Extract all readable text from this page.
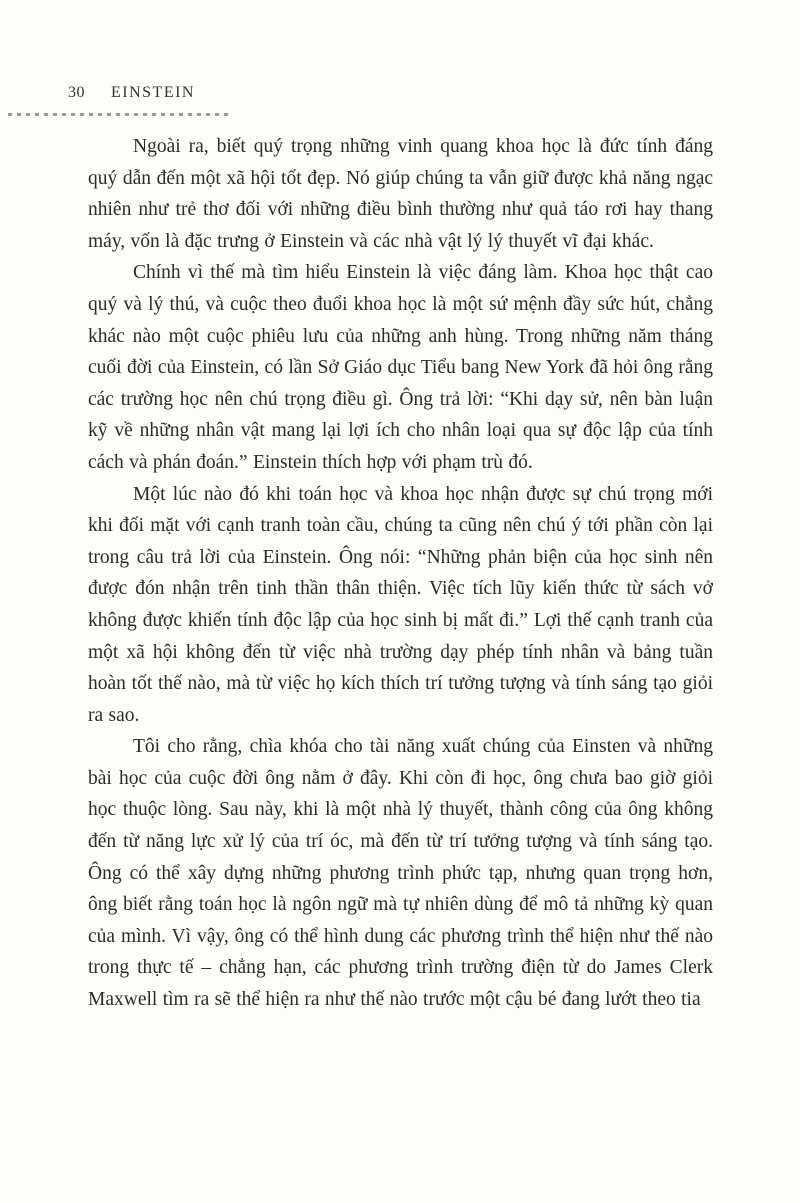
30 EINSTEIN

Ngoài ra, biết quý trọng những vinh quang khoa học là đức tính đáng quý dẫn đến một xã hội tốt đẹp. Nó giúp chúng ta vẫn giữ được khả năng ngạc nhiên như trẻ thơ đối với những điều bình thường như quả táo rơi hay thang máy, vốn là đặc trưng ở Einstein và các nhà vật lý lý thuyết vĩ đại khác.

Chính vì thế mà tìm hiểu Einstein là việc đáng làm. Khoa học thật cao quý và lý thú, và cuộc theo đuổi khoa học là một sứ mệnh đầy sức hút, chẳng khác nào một cuộc phiêu lưu của những anh hùng. Trong những năm tháng cuối đời của Einstein, có lần Sở Giáo dục Tiểu bang New York đã hỏi ông rằng các trường học nên chú trọng điều gì. Ông trả lời: “Khi dạy sử, nên bàn luận kỹ về những nhân vật mang lại lợi ích cho nhân loại qua sự độc lập của tính cách và phán đoán.” Einstein thích hợp với phạm trù đó.

Một lúc nào đó khi toán học và khoa học nhận được sự chú trọng mới khi đối mặt với cạnh tranh toàn cầu, chúng ta cũng nên chú ý tới phần còn lại trong câu trả lời của Einstein. Ông nói: “Những phản biện của học sinh nên được đón nhận trên tinh thần thân thiện. Việc tích lũy kiến thức từ sách vở không được khiến tính độc lập của học sinh bị mất đi.” Lợi thế cạnh tranh của một xã hội không đến từ việc nhà trường dạy phép tính nhân và bảng tuần hoàn tốt thế nào, mà từ việc họ kích thích trí tưởng tượng và tính sáng tạo giỏi ra sao.

Tôi cho rằng, chìa khóa cho tài năng xuất chúng của Einsten và những bài học của cuộc đời ông nằm ở đây. Khi còn đi học, ông chưa bao giờ giỏi học thuộc lòng. Sau này, khi là một nhà lý thuyết, thành công của ông không đến từ năng lực xử lý của trí óc, mà đến từ trí tưởng tượng và tính sáng tạo. Ông có thể xây dựng những phương trình phức tạp, nhưng quan trọng hơn, ông biết rằng toán học là ngôn ngữ mà tự nhiên dùng để mô tả những kỳ quan của mình. Vì vậy, ông có thể hình dung các phương trình thể hiện như thế nào trong thực tế – chẳng hạn, các phương trình trường điện từ do James Clerk Maxwell tìm ra sẽ thể hiện ra như thế nào trước một cậu bé đang lướt theo tia
